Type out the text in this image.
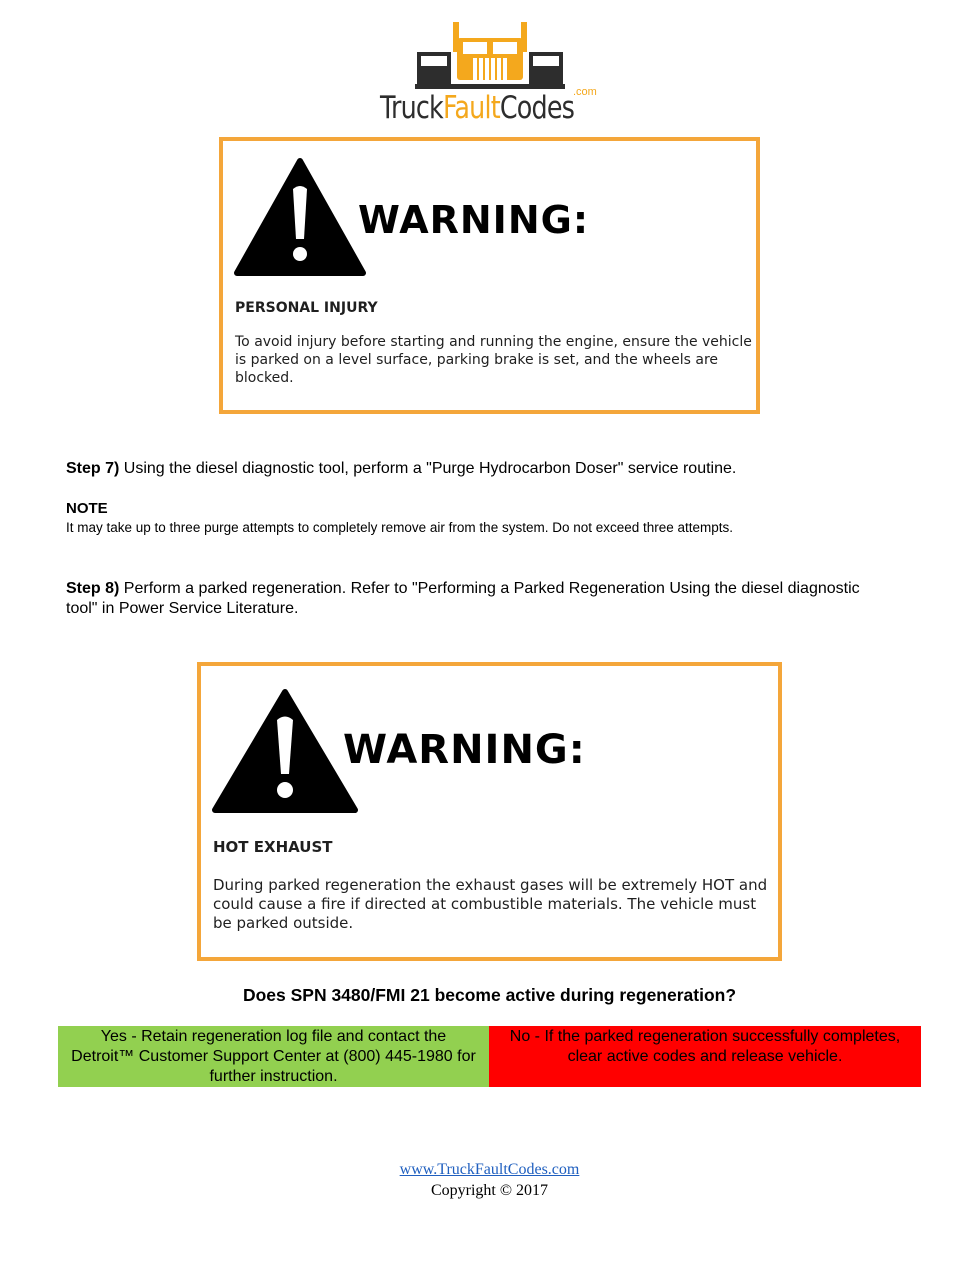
TruckFaultCodes
.com
WARNING:
PERSONAL INJURY
To avoid injury before starting and running the engine, ensure the vehicle is parked on a level surface, parking brake is set, and the wheels are blocked.
Step 7) Using the diesel diagnostic tool, perform a "Purge Hydrocarbon Doser" service routine.
NOTE
It may take up to three purge attempts to completely remove air from the system. Do not exceed three attempts.
Step 8) Perform a parked regeneration. Refer to "Performing a Parked Regeneration Using the diesel diagnostic tool" in Power Service Literature.
WARNING:
HOT EXHAUST
During parked regeneration the exhaust gases will be extremely HOT and could cause a fire if directed at combustible materials. The vehicle must be parked outside.
Does SPN 3480/FMI 21 become active during regeneration?
Yes - Retain regeneration log file and contact the Detroit™ Customer Support Center at (800) 445-1980 for further instruction.
No - If the parked regeneration successfully completes, clear active codes and release vehicle.
www.TruckFaultCodes.com
Copyright © 2017
